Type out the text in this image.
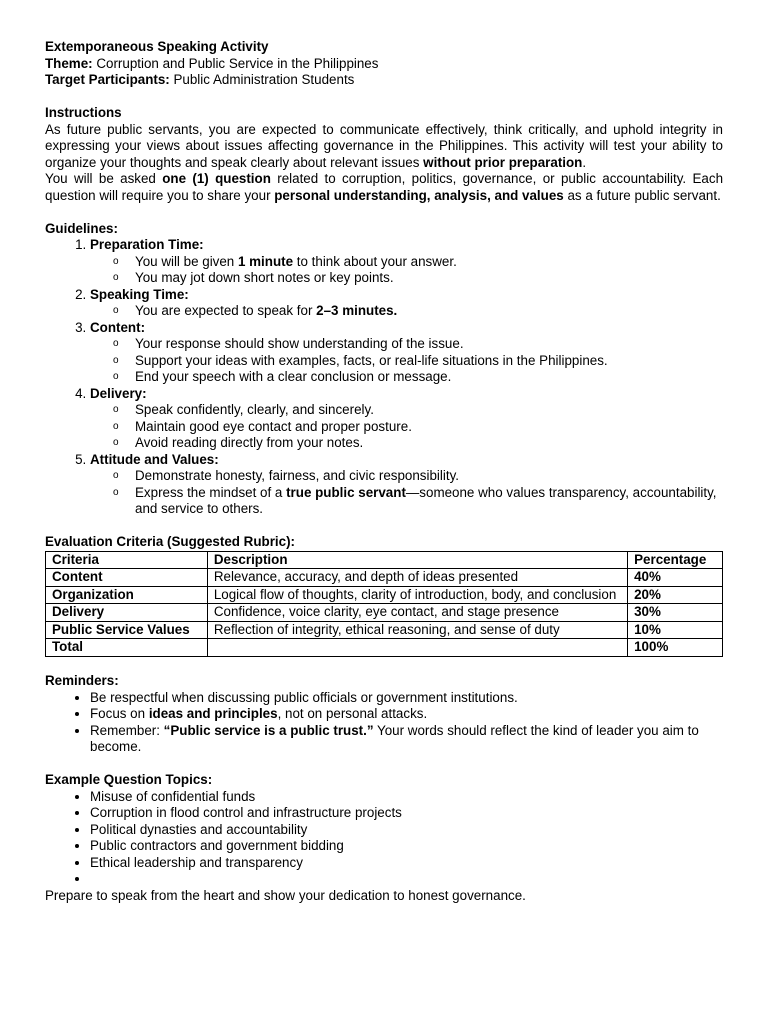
Extemporaneous Speaking Activity
Theme: Corruption and Public Service in the Philippines
Target Participants: Public Administration Students
Instructions
As future public servants, you are expected to communicate effectively, think critically, and uphold integrity in expressing your views about issues affecting governance in the Philippines. This activity will test your ability to organize your thoughts and speak clearly about relevant issues without prior preparation.
You will be asked one (1) question related to corruption, politics, governance, or public accountability. Each question will require you to share your personal understanding, analysis, and values as a future public servant.
Guidelines:
1. Preparation Time:
o You will be given 1 minute to think about your answer.
o You may jot down short notes or key points.
2. Speaking Time:
o You are expected to speak for 2–3 minutes.
3. Content:
o Your response should show understanding of the issue.
o Support your ideas with examples, facts, or real-life situations in the Philippines.
o End your speech with a clear conclusion or message.
4. Delivery:
o Speak confidently, clearly, and sincerely.
o Maintain good eye contact and proper posture.
o Avoid reading directly from your notes.
5. Attitude and Values:
o Demonstrate honesty, fairness, and civic responsibility.
o Express the mindset of a true public servant—someone who values transparency, accountability, and service to others.
Evaluation Criteria (Suggested Rubric):
Criteria	Description	Percentage
Content	Relevance, accuracy, and depth of ideas presented	40%
Organization	Logical flow of thoughts, clarity of introduction, body, and conclusion	20%
Delivery	Confidence, voice clarity, eye contact, and stage presence	30%
Public Service Values	Reflection of integrity, ethical reasoning, and sense of duty	10%
Total		100%
Reminders:
• Be respectful when discussing public officials or government institutions.
• Focus on ideas and principles, not on personal attacks.
• Remember: “Public service is a public trust.” Your words should reflect the kind of leader you aim to become.
Example Question Topics:
• Misuse of confidential funds
• Corruption in flood control and infrastructure projects
• Political dynasties and accountability
• Public contractors and government bidding
• Ethical leadership and transparency
•
Prepare to speak from the heart and show your dedication to honest governance.
